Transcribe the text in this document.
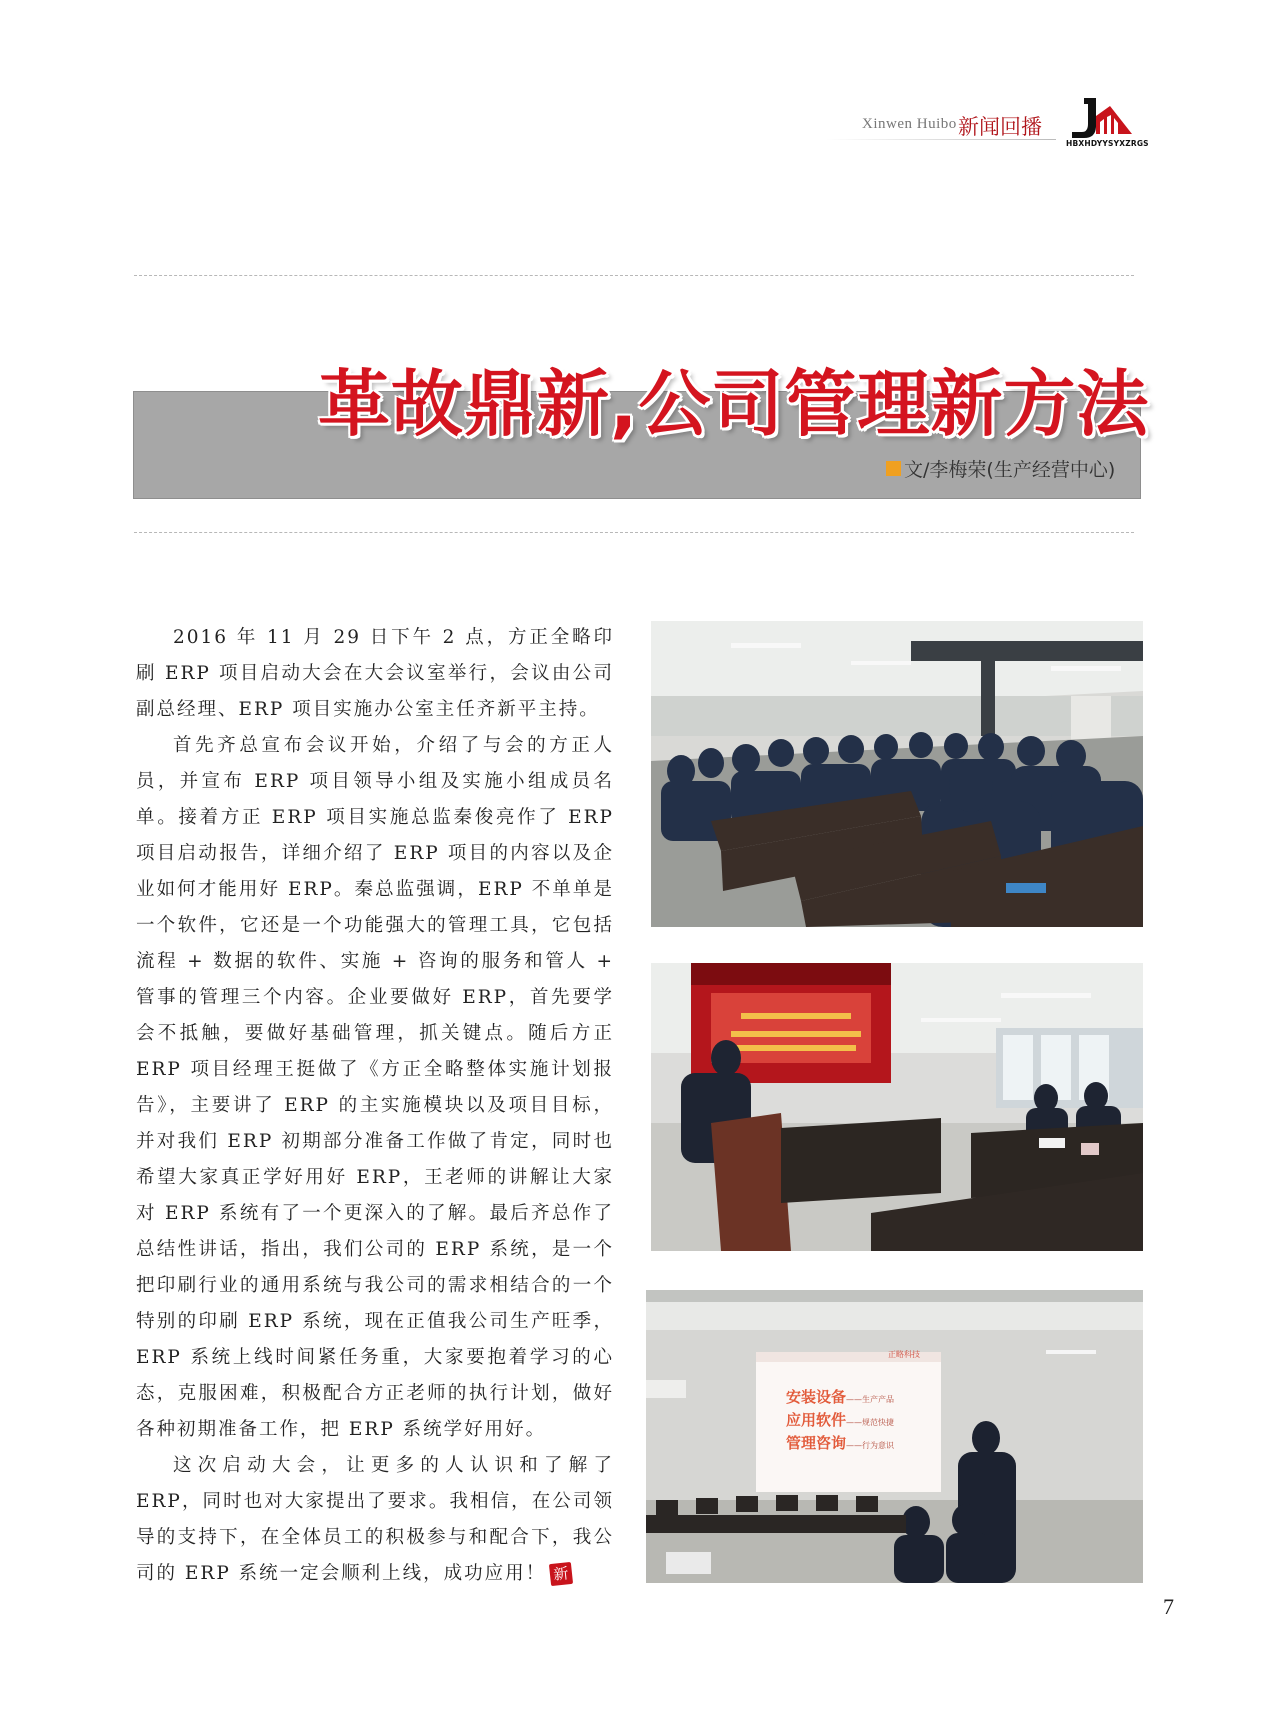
Xinwen Huibo 新闻回播
HBXHDYYSYXZRGS
革故鼎新,公司管理新方法
文/李梅荣(生产经营中心)

2016 年 11 月 29 日下午 2 点，方正全略印刷 ERP 项目启动大会在大会议室举行，会议由公司副总经理、ERP 项目实施办公室主任齐新平主持。

首先齐总宣布会议开始，介绍了与会的方正人员，并宣布 ERP 项目领导小组及实施小组成员名单。接着方正 ERP 项目实施总监秦俊亮作了 ERP 项目启动报告，详细介绍了 ERP 项目的内容以及企业如何才能用好 ERP。秦总监强调，ERP 不单单是一个软件，它还是一个功能强大的管理工具，它包括流程 + 数据的软件、实施 + 咨询的服务和管人 + 管事的管理三个内容。企业要做好 ERP，首先要学会不抵触，要做好基础管理，抓关键点。随后方正 ERP 项目经理王挺做了《方正全略整体实施计划报告》，主要讲了 ERP 的主实施模块以及项目目标，并对我们 ERP 初期部分准备工作做了肯定，同时也希望大家真正学好用好 ERP，王老师的讲解让大家对 ERP 系统有了一个更深入的了解。最后齐总作了总结性讲话，指出，我们公司的 ERP 系统，是一个把印刷行业的通用系统与我公司的需求相结合的一个特别的印刷 ERP 系统，现在正值我公司生产旺季，ERP 系统上线时间紧任务重，大家要抱着学习的心态，克服困难，积极配合方正老师的执行计划，做好各种初期准备工作，把 ERP 系统学好用好。

这次启动大会，让更多的人认识和了解了 ERP，同时也对大家提出了要求。我相信，在公司领导的支持下，在全体员工的积极参与和配合下，我公司的 ERP 系统一定会顺利上线，成功应用！ 新

正略科技
安装设备——生产产品
应用软件——规范快捷
管理咨询——行为意识
7
